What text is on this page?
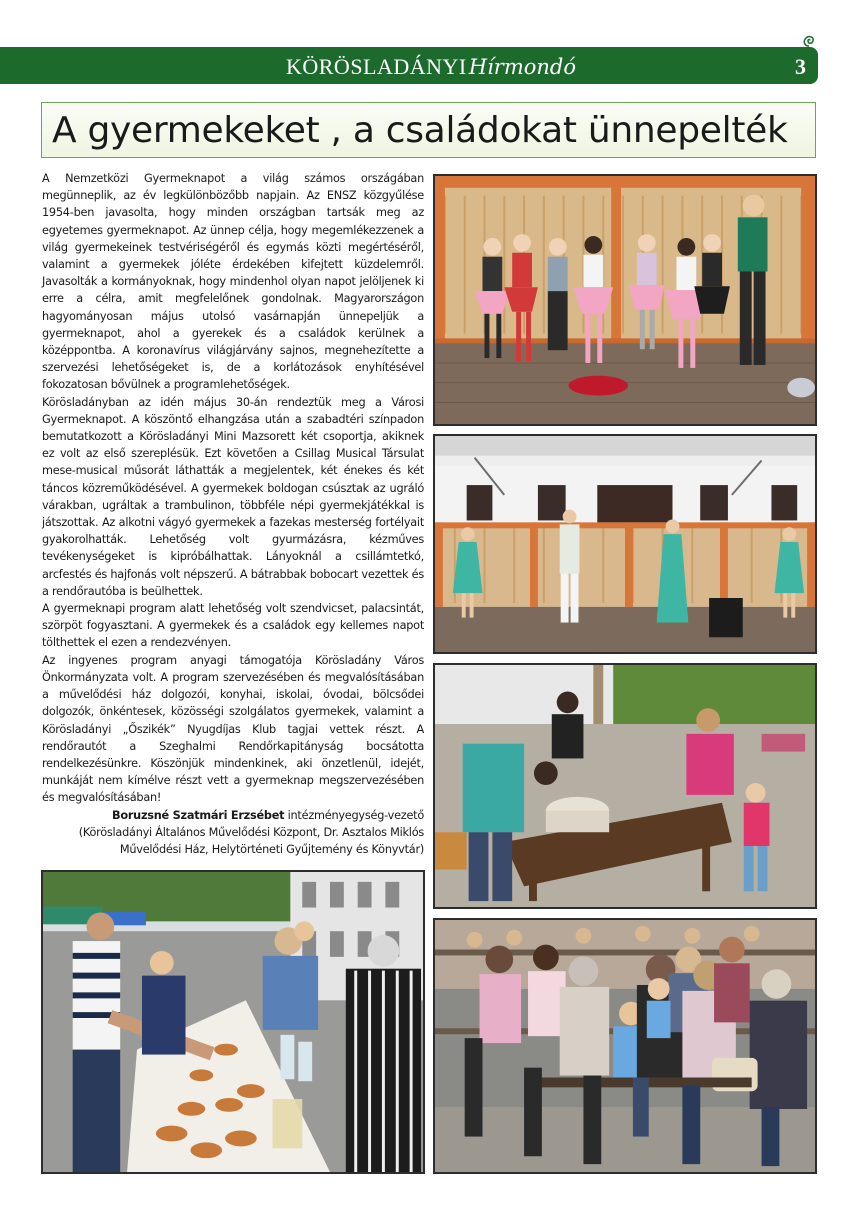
KÖRÖSLADÁNYIHírmondó	3
A gyermekeket , a családokat ünnepelték

A Nemzetközi Gyermeknapot a világ számos országában megünneplik, az év legkülönbözőbb napjain. Az ENSZ közgyűlése 1954-ben javasolta, hogy minden országban tartsák meg az egyetemes gyermeknapot. Az ünnep célja, hogy megemlékezzenek a világ gyermekeinek testvériségéről és egymás közti megértéséről, valamint a gyermekek jóléte érdekében kifejtett küzdelemről. Javasolták a kormányoknak, hogy mindenhol olyan napot jelöljenek ki erre a célra, amit megfelelőnek gondolnak. Magyarországon hagyományosan május utolsó vasárnapján ünnepeljük a gyermeknapot, ahol a gyerekek és a családok kerülnek a középpontba. A koronavírus világjárvány sajnos, megnehezítette a szervezési lehetőségeket is, de a korlátozások enyhítésével fokozatosan bővülnek a programlehetőségek.

Körösladányban az idén május 30-án rendeztük meg a Városi Gyermeknapot. A köszöntő elhangzása után a szabadtéri színpadon bemutatkozott a Körösladányi Mini Mazsorett két csoportja, akiknek ez volt az első szereplésük. Ezt követően a Csillag Musical Társulat mese-musical műsorát láthatták a megjelentek, két énekes és két táncos közreműködésével. A gyermekek boldogan csúsztak az ugráló várakban, ugráltak a trambulinon, többféle népi gyermekjátékkal is játszottak. Az alkotni vágyó gyermekek a fazekas mesterség fortélyait gyakorolhatták. Lehetőség volt gyurmázásra, kézműves tevékenységeket is kipróbálhattak. Lányoknál a csillámtetkó, arcfestés és hajfonás volt népszerű. A bátrabbak bobocart vezettek és a rendőrautóba is beülhettek.

A gyermeknapi program alatt lehetőség volt szendvicset, palacsintát, szörpöt fogyasztani. A gyermekek és a családok egy kellemes napot tölthettek el ezen a rendezvényen.

Az ingyenes program anyagi támogatója Körösladány Város Önkormányzata volt. A program szervezésében és megvalósításában a művelődési ház dolgozói, konyhai, iskolai, óvodai, bölcsődei dolgozók, önkéntesek, közösségi szolgálatos gyermekek, valamint a Körösladányi „Őszikék” Nyugdíjas Klub tagjai vettek részt. A rendőrautót a Szeghalmi Rendőrkapitányság bocsátotta rendelkezésünkre. Köszönjük mindenkinek, aki önzetlenül, idejét, munkáját nem kímélve részt vett a gyermeknap megszervezésében és megvalósításában!

Boruzsné Szatmári Erzsébet intézményegység-vezető

(Körösladányi Általános Művelődési Központ, Dr. Asztalos Miklós Művelődési Ház, Helytörténeti Gyűjtemény és Könyvtár)
